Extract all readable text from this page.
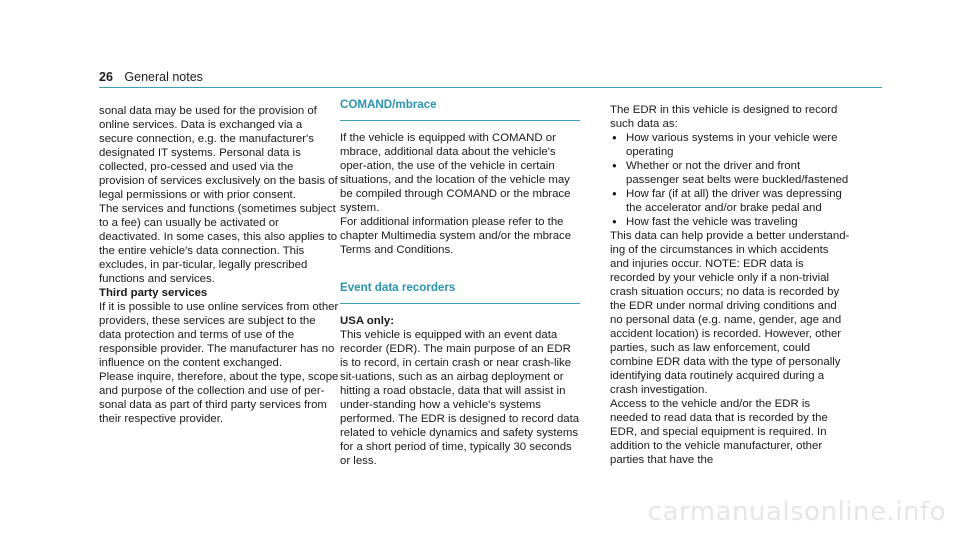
26 General notes

sonal data may be used for the provision of online services. Data is exchanged via a secure connection, e.g. the manufacturer's designated IT systems. Personal data is collected, pro-cessed and used via the provision of services exclusively on the basis of legal permissions or with prior consent.

The services and functions (sometimes subject to a fee) can usually be activated or deactivated. In some cases, this also applies to the entire vehicle's data connection. This excludes, in par-ticular, legally prescribed functions and services.

Third party services

If it is possible to use online services from other providers, these services are subject to the data protection and terms of use of the responsible provider. The manufacturer has no influence on the content exchanged.

Please inquire, therefore, about the type, scope and purpose of the collection and use of per-sonal data as part of third party services from their respective provider.

COMAND/mbrace

If the vehicle is equipped with COMAND or mbrace, additional data about the vehicle's oper-ation, the use of the vehicle in certain situations, and the location of the vehicle may be compiled through COMAND or the mbrace system.

For additional information please refer to the chapter Multimedia system and/or the mbrace Terms and Conditions.

Event data recorders

USA only:

This vehicle is equipped with an event data recorder (EDR). The main purpose of an EDR is to record, in certain crash or near crash-like sit-uations, such as an airbag deployment or hitting a road obstacle, data that will assist in under-standing how a vehicle's systems performed. The EDR is designed to record data related to vehicle dynamics and safety systems for a short period of time, typically 30 seconds or less.

The EDR in this vehicle is designed to record such data as:

● How various systems in your vehicle were operating
● Whether or not the driver and front passenger seat belts were buckled/fastened
● How far (if at all) the driver was depressing the accelerator and/or brake pedal and
● How fast the vehicle was traveling

This data can help provide a better understand-ing of the circumstances in which accidents and injuries occur. NOTE: EDR data is recorded by your vehicle only if a non-trivial crash situation occurs; no data is recorded by the EDR under normal driving conditions and no personal data (e.g. name, gender, age and accident location) is recorded. However, other parties, such as law enforcement, could combine EDR data with the type of personally identifying data routinely acquired during a crash investigation.

Access to the vehicle and/or the EDR is needed to read data that is recorded by the EDR, and special equipment is required. In addition to the vehicle manufacturer, other parties that have the

carmanualsonline.info
